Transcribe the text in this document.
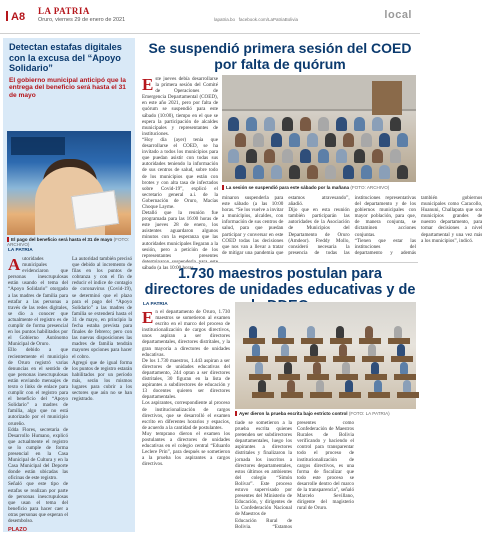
A8 LA PATRIA
Oruro, viernes 29 de enero de 2021	lapatria.bo facebook.com/LaPatriaBolivia	local
Detectan estafas digitales con la excusa del “Apoyo Solidario”
El gobierno municipal anticipó que la entrega del beneficio será hasta el 31 de mayo
El pago del beneficio será hasta el 31 de mayo (FOTO: ARCHIVO)
LA PATRIA

Autoridades municipales evidenciaron que personas inescrupulosas están usando el tema del “Apoyo Solidario” otorgado a las madres de familia para estafar a las personas a través de las redes digitales, se dio a conocer que actualmente el registro es de cumplir de forma presencial en los puntos habilitados por el Gobierno Autónomo Municipal de Oruro.

Ello debido a que recientemente el municipio de Oruro registró varias denuncias en el sentido de que personas inescrupulosas están enviando mensajes de texto o links de enlace para cumplir con el registro para el beneficio del “Apoyo Solidario” a madres de familia, algo que no está autorizado por el municipio orureño.

Edda Flores, secretaria de Desarrollo Humano, explicó que actualmente el registro se lo cumple de forma presencial en la Casa Municipal de Cultura y en la Casa Municipal del Deporte donde están ubicadas las oficinas de este registro.

Señaló que este tipo de estafas se realizan por parte de personas inescrupulosas que usan el tema del beneficio para hacer caer a otras personas que esperan el desembolso.

PLAZO

La autoridad también precisó que debido al incremento de filas en los puntos de cobranza y con el fin de reducir el índice de contagio de coronavirus (Covid-19), se determinó que el plazo para el pago del “Apoyo Solidario” a las madres de familia se extenderá hasta el 31 de mayo, en principio la fecha estaba prevista para finales de febrero; pero con las nuevas disposiciones las madres de familia tendrán mayores opciones para hacer el cobro.

Agregó que de igual forma los puntos de registro estarán habilitados por un período más, serán los mismos lugares para cubrir a los sectores que aún no se han registrado.

Se suspendió primera sesión del COED por falta de quórum

Este jueves debía desarrollarse la primera sesión del Comité de Operaciones de Emergencia Departamental (COED), en este año 2021, pero por falta de quórum se suspendió para este sábado (10:00), tiempo en el que se espera la participación de alcaldes municipales y representantes de instituciones.

“Hoy día (ayer) tenía que desarrollarse el COED, se ha invitado a todos los municipios para que puedan asistir con todas sus autoridades teniendo la información de sus centros de salud, sobre todo de los municipios que están con brotes y con alta tasa de infectados sobre Covid-19”, explicó el secretario general a.i. de la Gobernación de Oruro, Macías Choque Layme.

Detalló que la reunión fue programada para las 16:00 horas de este jueves 28 de enero, los asistentes aguardaron algunos minutos con la esperanza que las autoridades municipales llegaran a la sesión, pero a petición de los representantes presentes sábado (a las 10:00 horas.

La sesión se suspendió para este sábado por la mañana (FOTO: ARCHIVO)

minaron suspenderla para este sábado (a las 10:00 horas. “Se los vuelve a invitar a municipios, alcaldes, con información de sus centros de salud, para que puedan participar y conversar en este COED todas las decisiones que nos van a llevar a tratar de mitigar una pandemia que estamos atravesando”, añadió.

Dijo que en esta reunión también participarán las autoridades de la Asociación de Municipios del Departamento de Oruro (Amdeor). Freddy Mollo, consideró necesaria la presencia de todas las instituciones representativas del departamento y de los gobiernos municipales con mayor población, para que, de manera conjunta, se dictaminen acciones conjuntas.

“Tienen que estar las instituciones del departamento y además también gobiernos municipales como Caracollo, Huanuni, Challapata que son municipios grandes de nuestro departamento, para tomar decisiones a nivel departamental y una vez más a los municipios”, indicó.

1.730 maestros postulan para directores de unidades educativas y de
LA PATRIA

En el departamento de Oruro, 1.730 maestros se sometieron al examen escrito en el marco del proceso de institucionalización de cargos directivos, unos aspiran a ser directores departamentales, directores distritales, y la gran mayoría a directores de unidades educativas.

De los 1.730 maestros, 1.443 aspiran a ser directores de unidades educativas del departamento, 244 optan a ser directores distritales, 30 figuran en la lista de aspirantes a subdirectores de educación y 13 docentes quieren ser directores departamentales.

Los aspirantes, correspondiente al proceso de institucionalización de cargos directivos, que se desarrolló el examen escrito en diferentes horarios y espacios, de acuerdo a la cantidad de postulantes.

Muy temprano dieron el examen los postulantes a directores de unidades educativas en el colegio central “Eduardo Leclere Prin”, para después se sometieron a la prueba los aspirantes a cargos directivos.

Ayer dieron la prueba escrita bajo estricto control (FOTO: LA PATRIA)

tiade se sometieron a la prueba escrita quienes pretenden ser subdirectores departamentales, luego los aspirantes a directores distritales y finalizaron la jornada los inscritos a directores departamentales, estos últimos en ambientes del colegio “Simón Bolívar”. Este proceso estuvo supervisado por presentes del Ministerio de Educación, y dirigentes de la Confederación Nacional de Maestros de

Educación Rural de Bolivia. “Estamos presentes como Confederación de Maestros Rurales de Bolivia verificando y haciendo el control para transparentar todo el proceso de institucionalización de cargos directivos, es una forma de fiscalizar que todo este proceso se desarrolle dentro del marco de la transparencia”, señaló Marcelo Sevillano, dirigente del magisterio rural de Oruro.
